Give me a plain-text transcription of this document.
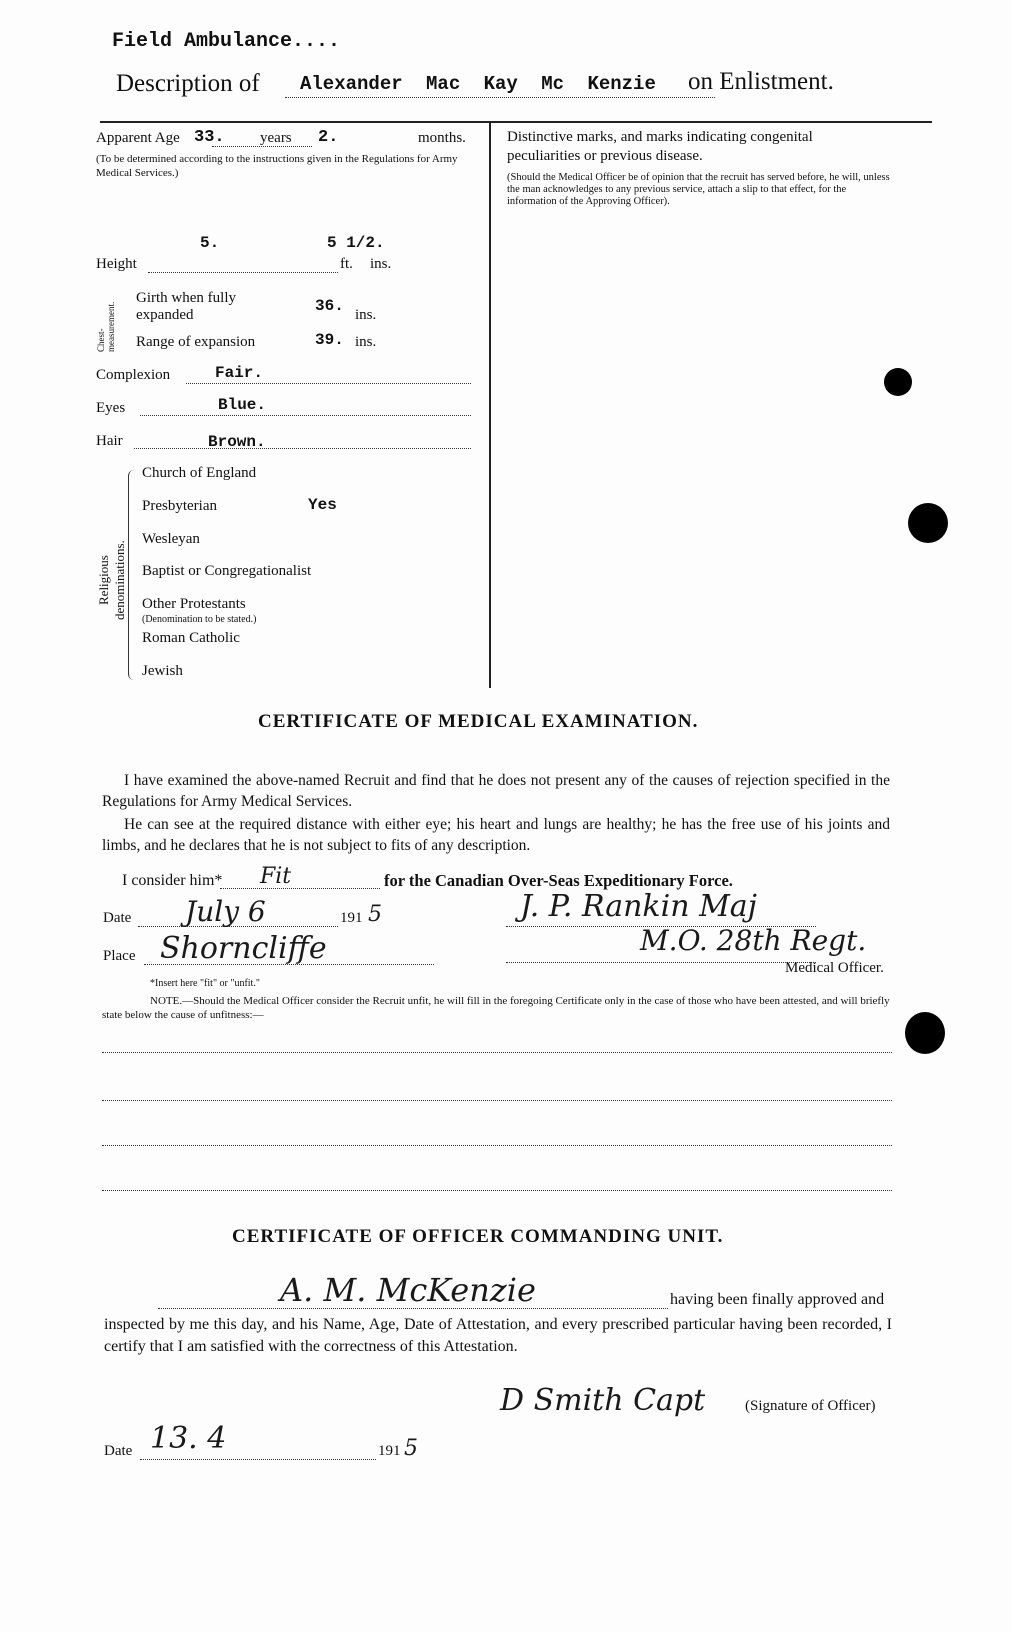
Field Ambulance....
Description of Alexander Mac Kay Mc Kenzie on Enlistment.
Apparent Age 33. years 2.	months.
(To be determined according to the instructions given in the Regulations for Army Medical Services.)
5.	5 1/2.
Height	ft. ins.
Chest-measurement.
Girth when fully expanded	36. ins.
Range of expansion	39. ins.
Complexion	Fair.
Eyes	Blue.
Hair	Brown.
Religious denominations.
Church of England
Presbyterian	Yes
Wesleyan
Baptist or Congregationalist
Other Protestants
(Denomination to be stated.)
Roman Catholic
Jewish
Distinctive marks, and marks indicating congenital peculiarities or previous disease.
(Should the Medical Officer be of opinion that the recruit has served before, he will, unless the man acknowledges to any previous service, attach a slip to that effect, for the information of the Approving Officer).
CERTIFICATE OF MEDICAL EXAMINATION.
I have examined the above-named Recruit and find that he does not present any of the causes of rejection specified in the Regulations for Army Medical Services.
He can see at the required distance with either eye; his heart and lungs are healthy; he has the free use of his joints and limbs, and he declares that he is not subject to fits of any description.
I consider him* Fit	for the Canadian Over-Seas Expeditionary Force.
Date July 6	191 5
Place Shorncliffe
J. P. Rankin Maj
M.O. 28th Regt.
Medical Officer.
*Insert here "fit" or "unfit."
NOTE.—Should the Medical Officer consider the Recruit unfit, he will fill in the foregoing Certificate only in the case of those who have been attested, and will briefly state below the cause of unfitness:—
CERTIFICATE OF OFFICER COMMANDING UNIT.
A. M. McKenzie	having been finally approved and
inspected by me this day, and his Name, Age, Date of Attestation, and every prescribed particular having been recorded, I certify that I am satisfied with the correctness of this Attestation.
D Smith Capt	(Signature of Officer)
Date 13. 4	191 5
